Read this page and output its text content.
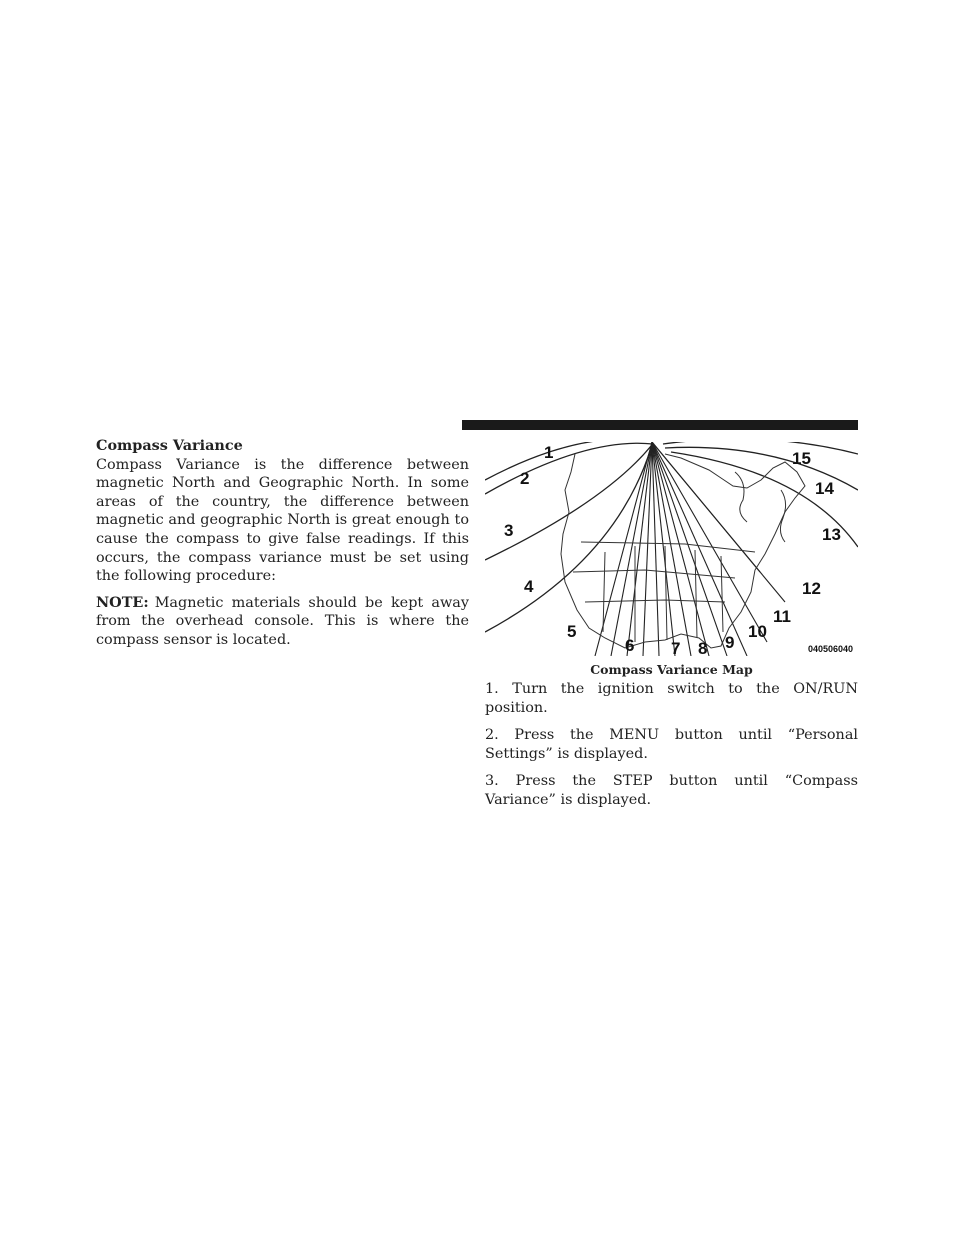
Compass Variance

Compass Variance is the difference between magnetic North and Geographic North. In some areas of the country, the difference between magnetic and geographic North is great enough to cause the compass to give false readings. If this occurs, the compass variance must be set using the following procedure:

NOTE: Magnetic materials should be kept away from the overhead console. This is where the compass sensor is located.

1
2
3
4
5
6 7 8 9
10
11
12
13
14
15
040506040
Compass Variance Map

1. Turn the ignition switch to the ON/RUN position.

2. Press the MENU button until “Personal Settings” is displayed.

3. Press the STEP button until “Compass Variance” is displayed.
